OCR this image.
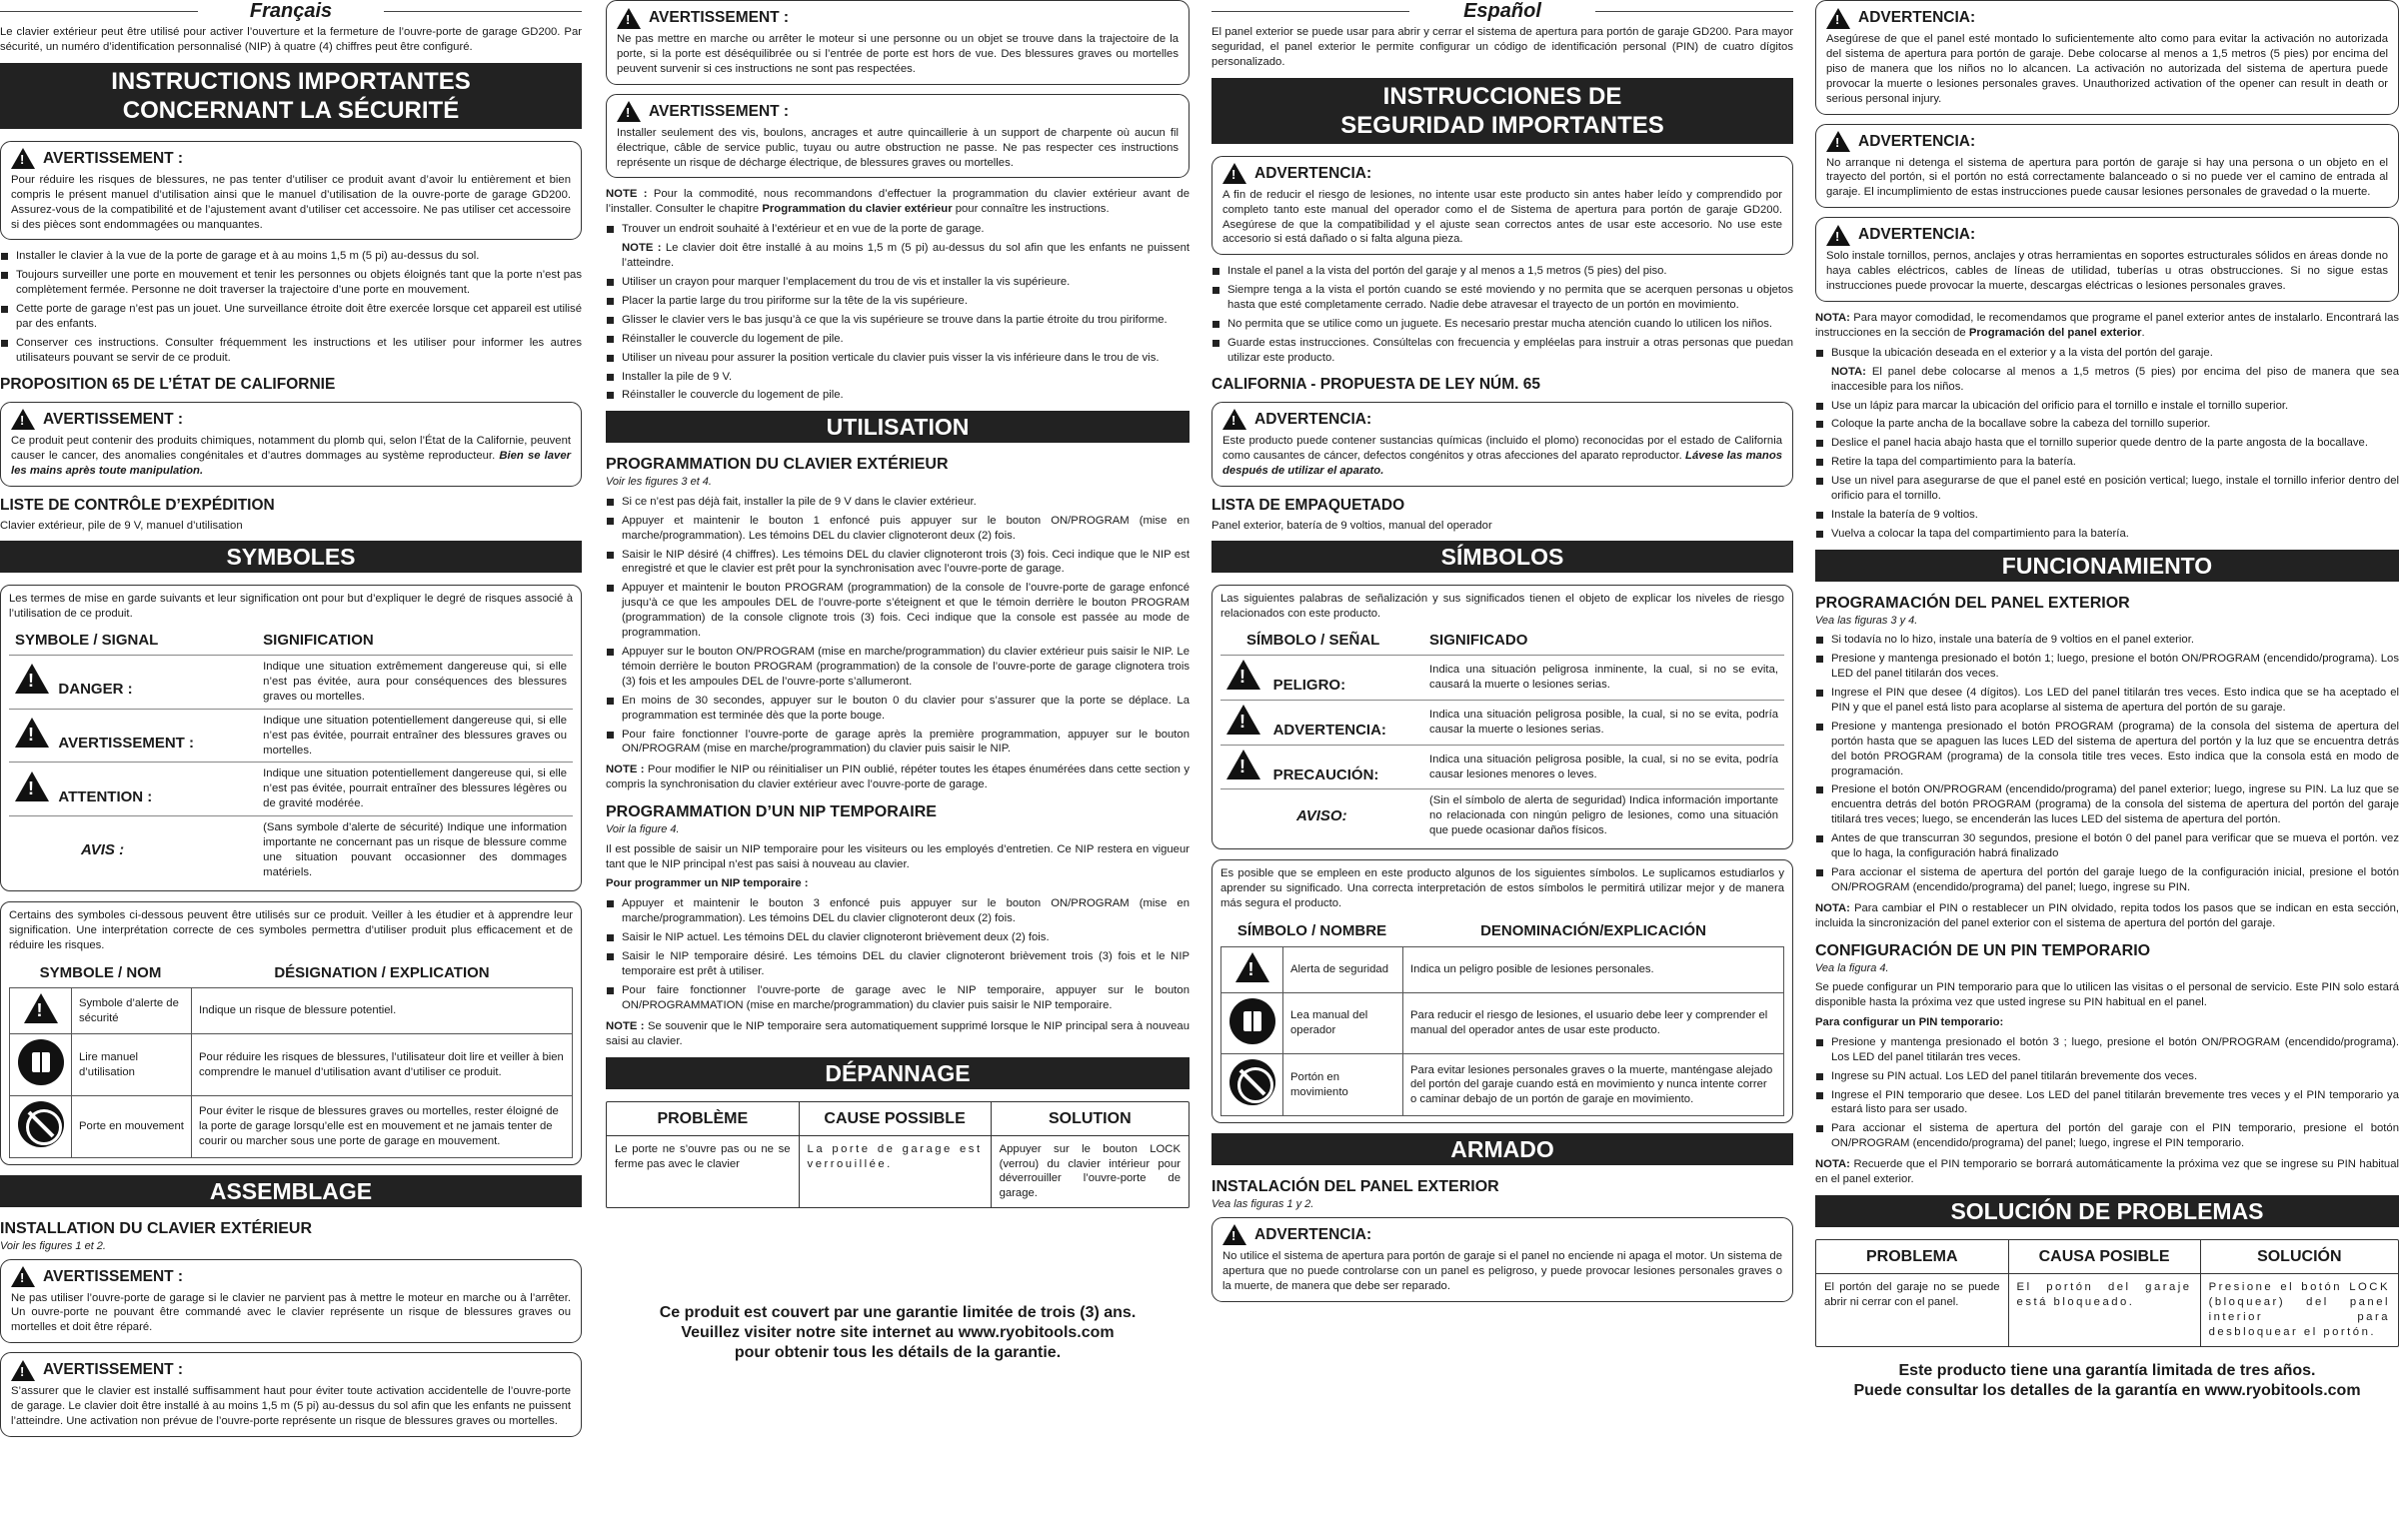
Français

Le clavier extérieur peut être utilisé pour activer l’ouverture et la fermeture de l’ouvre-porte de garage GD200. Par sécurité, un numéro d’identification personnalisé (NIP) à quatre (4) chiffres peut être configuré.

INSTRUCTIONS IMPORTANTES CONCERNANT LA SÉCURITÉ
!
AVERTISSEMENT :
Pour réduire les risques de blessures, ne pas tenter d’utiliser ce produit avant d’avoir lu entièrement et bien compris le présent manuel d’utilisation ainsi que le manuel d’utilisation de la ouvre-porte de garage GD200. Assurez-vous de la compatibilité et de l’ajustement avant d’utiliser cet accessoire. Ne pas utiliser cet accessoire si des pièces sont endommagées ou manquantes.
Installer le clavier à la vue de la porte de garage et à au moins 1,5 m (5 pi) au-dessus du sol.
Toujours surveiller une porte en mouvement et tenir les personnes ou objets éloignés tant que la porte n’est pas complètement fermée. Personne ne doit traverser la trajectoire d’une porte en mouvement.
Cette porte de garage n’est pas un jouet. Une surveillance étroite doit être exercée lorsque cet appareil est utilisé par des enfants.
Conserver ces instructions. Consulter fréquemment les instructions et les utiliser pour informer les autres utilisateurs pouvant se servir de ce produit.
PROPOSITION 65 DE L’ÉTAT DE CALIFORNIE
!
AVERTISSEMENT :
Ce produit peut contenir des produits chimiques, notamment du plomb qui, selon l’État de la Californie, peuvent causer le cancer, des anomalies congénitales et d’autres dommages au système reproducteur. Bien se laver les mains après toute manipulation.
LISTE DE CONTRÔLE D’EXPÉDITION

Clavier extérieur, pile de 9 V, manuel d’utilisation

SYMBOLES

Les termes de mise en garde suivants et leur signification ont pour but d’expliquer le degré de risques associé à l’utilisation de ce produit.

SYMBOLE / SIGNAL	SIGNIFICATION
!   DANGER :	Indique une situation extrêmement dangereuse qui, si elle n’est pas évitée, aura pour conséquences des blessures graves ou mortelles.
!   AVERTISSEMENT :	Indique une situation potentiellement dangereuse qui, si elle n’est pas évitée, pourrait entraîner des blessures graves ou mortelles.
!   ATTENTION :	Indique une situation potentiellement dangereuse qui, si elle n’est pas évitée, pourrait entraîner des blessures légères ou de gravité modérée.
AVIS :	(Sans symbole d’alerte de sécurité) Indique une information importante ne concernant pas un risque de blessure comme une situation pouvant occasionner des dommages matériels.

Certains des symboles ci-dessous peuvent être utilisés sur ce produit. Veiller à les étudier et à apprendre leur signification. Une interprétation correcte de ces symboles permettra d’utiliser produit plus efficacement et de réduire les risques.

SYMBOLE / NOM		DÉSIGNATION / EXPLICATION
!	Symbole d’alerte de sécurité	Indique un risque de blessure potentiel.
	Lire manuel d’utilisation	Pour réduire les risques de blessures, l’utilisateur doit lire et veiller à bien comprendre le manuel d’utilisation avant d’utiliser ce produit.
	Porte en mouvement	Pour éviter le risque de blessures graves ou mortelles, rester éloigné de la porte de garage lorsqu’elle est en mouvement et ne jamais tenter de courir ou marcher sous une porte de garage en mouvement.
ASSEMBLAGE
INSTALLATION DU CLAVIER EXTÉRIEUR
Voir les figures 1 et 2.
!
AVERTISSEMENT :
Ne pas utiliser l’ouvre-porte de garage si le clavier ne parvient pas à mettre le moteur en marche ou à l’arrêter. Un ouvre-porte ne pouvant être commandé avec le clavier représente un risque de blessures graves ou mortelles et doit être réparé.
!
AVERTISSEMENT :
S’assurer que le clavier est installé suffisamment haut pour éviter toute activation accidentelle de l’ouvre-porte de garage. Le clavier doit être installé à au moins 1,5 m (5 pi) au-dessus du sol afin que les enfants ne puissent l’atteindre. Une activation non prévue de l’ouvre-porte représente un risque de blessures graves ou mortelles.
!
AVERTISSEMENT :
Ne pas mettre en marche ou arrêter le moteur si une personne ou un objet se trouve dans la trajectoire de la porte, si la porte est déséquilibrée ou si l’entrée de porte est hors de vue. Des blessures graves ou mortelles peuvent survenir si ces instructions ne sont pas respectées.
!
AVERTISSEMENT :
Installer seulement des vis, boulons, ancrages et autre quincaillerie à un support de charpente où aucun fil électrique, câble de service public, tuyau ou autre obstruction ne passe. Ne pas respecter ces instructions représente un risque de décharge électrique, de blessures graves ou mortelles.

NOTE : Pour la commodité, nous recommandons d’effectuer la programmation du clavier extérieur avant de l’installer. Consulter le chapitre Programmation du clavier extérieur pour connaître les instructions.

Trouver un endroit souhaité à l’extérieur et en vue de la porte de garage.
NOTE : Le clavier doit être installé à au moins 1,5 m (5 pi) au-dessus du sol afin que les enfants ne puissent l’atteindre.
Utiliser un crayon pour marquer l’emplacement du trou de vis et installer la vis supérieure.
Placer la partie large du trou piriforme sur la tête de la vis supérieure.
Glisser le clavier vers le bas jusqu’à ce que la vis supérieure se trouve dans la partie étroite du trou piriforme.
Réinstaller le couvercle du logement de pile.
Utiliser un niveau pour assurer la position verticale du clavier puis visser la vis inférieure dans le trou de vis.
Installer la pile de 9 V.
Réinstaller le couvercle du logement de pile.
UTILISATION
PROGRAMMATION DU CLAVIER EXTÉRIEUR
Voir les figures 3 et 4.
Si ce n’est pas déjà fait, installer la pile de 9 V dans le clavier extérieur.
Appuyer et maintenir le bouton 1 enfoncé puis appuyer sur le bouton ON/PROGRAM (mise en marche/programmation). Les témoins DEL du clavier clignoteront deux (2) fois.
Saisir le NIP désiré (4 chiffres). Les témoins DEL du clavier clignoteront trois (3) fois. Ceci indique que le NIP est enregistré et que le clavier est prêt pour la synchronisation avec l’ouvre-porte de garage.
Appuyer et maintenir le bouton PROGRAM (programmation) de la console de l’ouvre-porte de garage enfoncé jusqu’à ce que les ampoules DEL de l’ouvre-porte s’éteignent et que le témoin derrière le bouton PROGRAM (programmation) de la console clignote trois (3) fois. Ceci indique que la console est passée au mode de programmation.
Appuyer sur le bouton ON/PROGRAM (mise en marche/programmation) du clavier extérieur puis saisir le NIP. Le témoin derrière le bouton PROGRAM (programmation) de la console de l’ouvre-porte de garage clignotera trois (3) fois et les ampoules DEL de l’ouvre-porte s’allumeront.
En moins de 30 secondes, appuyer sur le bouton 0 du clavier pour s’assurer que la porte se déplace. La programmation est terminée dès que la porte bouge.
Pour faire fonctionner l’ouvre-porte de garage après la première programmation, appuyer sur le bouton ON/PROGRAM (mise en marche/programmation) du clavier puis saisir le NIP.

NOTE : Pour modifier le NIP ou réinitialiser un PIN oublié, répéter toutes les étapes énumérées dans cette section y compris la synchronisation du clavier extérieur avec l’ouvre-porte de garage.

PROGRAMMATION D’UN NIP TEMPORAIRE
Voir la figure 4.

Il est possible de saisir un NIP temporaire pour les visiteurs ou les employés d’entretien. Ce NIP restera en vigueur tant que le NIP principal n’est pas saisi à nouveau au clavier.

Pour programmer un NIP temporaire :

Appuyer et maintenir le bouton 3 enfoncé puis appuyer sur le bouton ON/PROGRAM (mise en marche/programmation). Les témoins DEL du clavier clignoteront deux (2) fois.
Saisir le NIP actuel. Les témoins DEL du clavier clignoteront brièvement deux (2) fois.
Saisir le NIP temporaire désiré. Les témoins DEL du clavier clignoteront brièvement trois (3) fois et le NIP temporaire est prêt à utiliser.
Pour faire fonctionner l’ouvre-porte de garage avec le NIP temporaire, appuyer sur le bouton ON/PROGRAMMATION (mise en marche/programmation) du clavier puis saisir le NIP temporaire.

NOTE : Se souvenir que le NIP temporaire sera automatiquement supprimé lorsque le NIP principal sera à nouveau saisi au clavier.

DÉPANNAGE
PROBLÈME	CAUSE POSSIBLE	SOLUTION
Le porte ne s’ouvre pas ou ne se ferme pas avec le clavier	La porte de garage est verrouillée.	Appuyer sur le bouton LOCK (verrou) du clavier intérieur pour déverrouiller l’ouvre-porte de garage.
Ce produit est couvert par une garantie limitée de trois (3) ans.
Veuillez visiter notre site internet au www.ryobitools.com
pour obtenir tous les détails de la garantie.
Español

El panel exterior se puede usar para abrir y cerrar el sistema de apertura para portón de garaje GD200. Para mayor seguridad, el panel exterior le permite configurar un código de identificación personal (PIN) de cuatro dígitos personalizado.

INSTRUCCIONES DE SEGURIDAD IMPORTANTES
!
ADVERTENCIA:
A fin de reducir el riesgo de lesiones, no intente usar este producto sin antes haber leído y comprendido por completo tanto este manual del operador como el de Sistema de apertura para portón de garaje GD200. Asegúrese de que la compatibilidad y el ajuste sean correctos antes de usar este accesorio. No use este accesorio si está dañado o si falta alguna pieza.
Instale el panel a la vista del portón del garaje y al menos a 1,5 metros (5 pies) del piso.
Siempre tenga a la vista el portón cuando se esté moviendo y no permita que se acerquen personas u objetos hasta que esté completamente cerrado. Nadie debe atravesar el trayecto de un portón en movimiento.
No permita que se utilice como un juguete. Es necesario prestar mucha atención cuando lo utilicen los niños.
Guarde estas instrucciones. Consúltelas con frecuencia y empléelas para instruir a otras personas que puedan utilizar este producto.
CALIFORNIA - PROPUESTA DE LEY NÚM. 65
!
ADVERTENCIA:
Este producto puede contener sustancias químicas (incluido el plomo) reconocidas por el estado de California como causantes de cáncer, defectos congénitos y otras afecciones del aparato reproductor. Lávese las manos después de utilizar el aparato.
LISTA DE EMPAQUETADO

Panel exterior, batería de 9 voltios, manual del operador

SÍMBOLOS

Las siguientes palabras de señalización y sus significados tienen el objeto de explicar los niveles de riesgo relacionados con este producto.

SÍMBOLO / SEÑAL	SIGNIFICADO
!    PELIGRO:	Indica una situación peligrosa inminente, la cual, si no se evita, causará la muerte o lesiones serias.
!    ADVERTENCIA:	Indica una situación peligrosa posible, la cual, si no se evita, podría causar la muerte o lesiones serias.
!    PRECAUCIÓN:	Indica una situación peligrosa posible, la cual, si no se evita, podría causar lesiones menores o leves.
AVISO:	(Sin el símbolo de alerta de seguridad) Indica información importante no relacionada con ningún peligro de lesiones, como una situación que puede ocasionar daños físicos.

Es posible que se empleen en este producto algunos de los siguientes símbolos. Le suplicamos estudiarlos y aprender su significado. Una correcta interpretación de estos símbolos le permitirá utilizar mejor y de manera más segura el producto.

SÍMBOLO / NOMBRE		DENOMINACIÓN/EXPLICACIÓN
!	Alerta de seguridad	Indica un peligro posible de lesiones personales.
	Lea manual del operador	Para reducir el riesgo de lesiones, el usuario debe leer y comprender el manual del operador antes de usar este producto.
	Portón en movimiento	Para evitar lesiones personales graves o la muerte, manténgase alejado del portón del garaje cuando está en movimiento y nunca intente correr o caminar debajo de un portón de garaje en movimiento.
ARMADO
INSTALACIÓN DEL PANEL EXTERIOR
Vea las figuras 1 y 2.
!
ADVERTENCIA:
No utilice el sistema de apertura para portón de garaje si el panel no enciende ni apaga el motor. Un sistema de apertura que no puede controlarse con un panel es peligroso, y puede provocar lesiones personales graves o la muerte, de manera que debe ser reparado.
!
ADVERTENCIA:
Asegúrese de que el panel esté montado lo suficientemente alto como para evitar la activación no autorizada del sistema de apertura para portón de garaje. Debe colocarse al menos a 1,5 metros (5 pies) por encima del piso de manera que los niños no lo alcancen. La activación no autorizada del sistema de apertura puede provocar la muerte o lesiones personales graves. Unauthorized activation of the opener can result in death or serious personal injury.
!
ADVERTENCIA:
No arranque ni detenga el sistema de apertura para portón de garaje si hay una persona o un objeto en el trayecto del portón, si el portón no está correctamente balanceado o si no puede ver el camino de entrada al garaje. El incumplimiento de estas instrucciones puede causar lesiones personales de gravedad o la muerte.
!
ADVERTENCIA:
Solo instale tornillos, pernos, anclajes y otras herramientas en soportes estructurales sólidos en áreas donde no haya cables eléctricos, cables de líneas de utilidad, tuberías u otras obstrucciones. Si no sigue estas instrucciones puede provocar la muerte, descargas eléctricas o lesiones personales graves.

NOTA: Para mayor comodidad, le recomendamos que programe el panel exterior antes de instalarlo. Encontrará las instrucciones en la sección de Programación del panel exterior.

Busque la ubicación deseada en el exterior y a la vista del portón del garaje.
NOTA: El panel debe colocarse al menos a 1,5 metros (5 pies) por encima del piso de manera que sea inaccesible para los niños.
Use un lápiz para marcar la ubicación del orificio para el tornillo e instale el tornillo superior.
Coloque la parte ancha de la bocallave sobre la cabeza del tornillo superior.
Deslice el panel hacia abajo hasta que el tornillo superior quede dentro de la parte angosta de la bocallave.
Retire la tapa del compartimiento para la batería.
Use un nivel para asegurarse de que el panel esté en posición vertical; luego, instale el tornillo inferior dentro del orificio para el tornillo.
Instale la batería de 9 voltios.
Vuelva a colocar la tapa del compartimiento para la batería.
FUNCIONAMIENTO
PROGRAMACIÓN DEL PANEL EXTERIOR
Vea las figuras 3 y 4.
Si todavía no lo hizo, instale una batería de 9 voltios en el panel exterior.
Presione y mantenga presionado el botón 1; luego, presione el botón ON/PROGRAM (encendido/programa). Los LED del panel titilarán dos veces.
Ingrese el PIN que desee (4 dígitos). Los LED del panel titilarán tres veces. Esto indica que se ha aceptado el PIN y que el panel está listo para acoplarse al sistema de apertura del portón de su garaje.
Presione y mantenga presionado el botón PROGRAM (programa) de la consola del sistema de apertura del portón hasta que se apaguen las luces LED del sistema de apertura del portón y la luz que se encuentra detrás del botón PROGRAM (programa) de la consola titile tres veces. Esto indica que la consola está en modo de programación.
Presione el botón ON/PROGRAM (encendido/programa) del panel exterior; luego, ingrese su PIN. La luz que se encuentra detrás del botón PROGRAM (programa) de la consola del sistema de apertura del portón del garaje titilará tres veces; luego, se encenderán las luces LED del sistema de apertura del portón.
Antes de que transcurran 30 segundos, presione el botón 0 del panel para verificar que se mueva el portón. vez que lo haga, la configuración habrá finalizado
Para accionar el sistema de apertura del portón del garaje luego de la configuración inicial, presione el botón ON/PROGRAM (encendido/programa) del panel; luego, ingrese su PIN.

NOTA: Para cambiar el PIN o restablecer un PIN olvidado, repita todos los pasos que se indican en esta sección, incluida la sincronización del panel exterior con el sistema de apertura del portón del garaje.

CONFIGURACIÓN DE UN PIN TEMPORARIO
Vea la figura 4.

Se puede configurar un PIN temporario para que lo utilicen las visitas o el personal de servicio. Este PIN solo estará disponible hasta la próxima vez que usted ingrese su PIN habitual en el panel.

Para configurar un PIN temporario:

Presione y mantenga presionado el botón 3 ; luego, presione el botón ON/PROGRAM (encendido/programa). Los LED del panel titilarán tres veces.
Ingrese su PIN actual. Los LED del panel titilarán brevemente dos veces.
Ingrese el PIN temporario que desee. Los LED del panel titilarán brevemente tres veces y el PIN temporario ya estará listo para ser usado.
Para accionar el sistema de apertura del portón del garaje con el PIN temporario, presione el botón ON/PROGRAM (encendido/programa) del panel; luego, ingrese el PIN temporario.

NOTA: Recuerde que el PIN temporario se borrará automáticamente la próxima vez que se ingrese su PIN habitual en el panel exterior.

SOLUCIÓN DE PROBLEMAS
PROBLEMA	CAUSA POSIBLE	SOLUCIÓN
El portón del garaje no se puede abrir ni cerrar con el panel.	El portón del garaje está bloqueado.	Presione el botón LOCK (bloquear) del panel interior para desbloquear el portón.
Este producto tiene una garantía limitada de tres años.
Puede consultar los detalles de la garantía en www.ryobitools.com
